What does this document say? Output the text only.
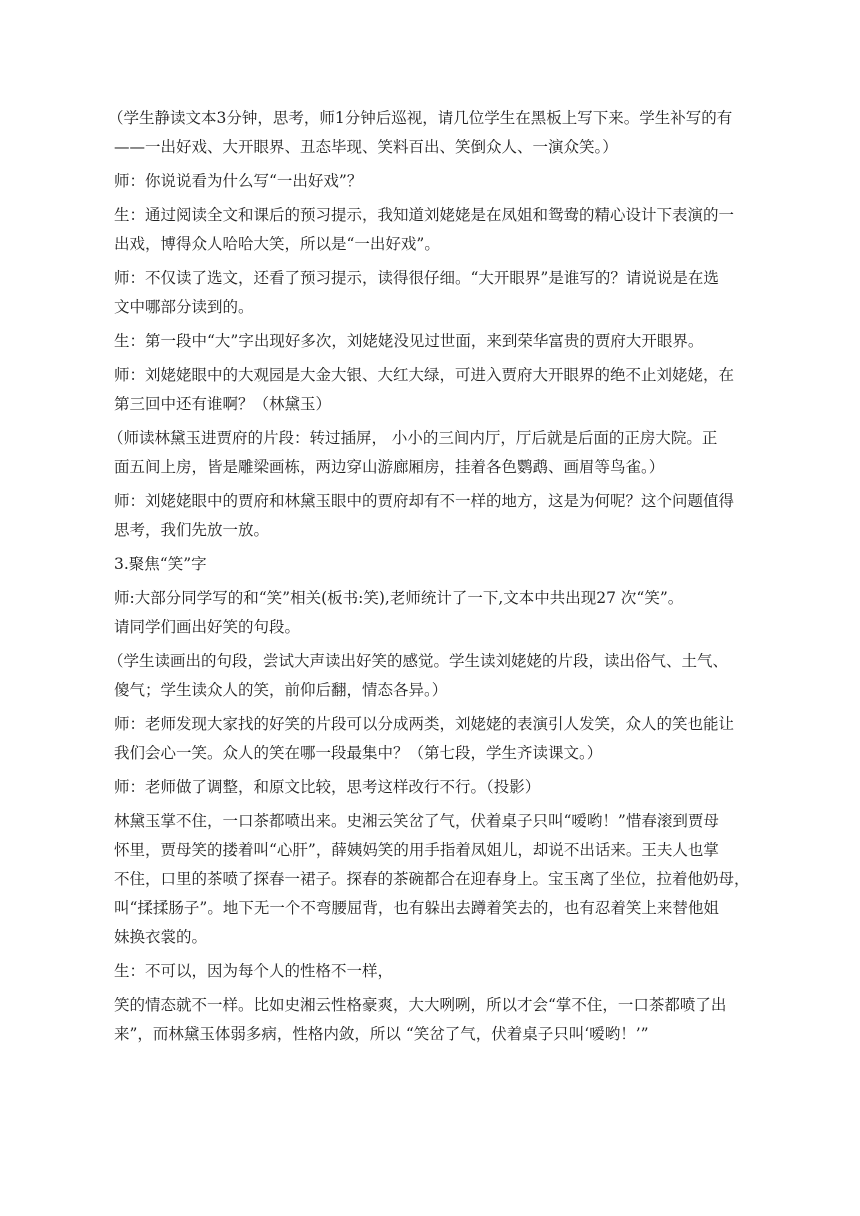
（学生静读文本3分钟，思考，师1分钟后巡视，请几位学生在黑板上写下来。学生补写的有
——一出好戏、大开眼界、丑态毕现、笑料百出、笑倒众人、一演众笑。）
师：你说说看为什么写“一出好戏”？
生：通过阅读全文和课后的预习提示，我知道刘姥姥是在凤姐和鸳鸯的精心设计下表演的一
出戏，博得众人哈哈大笑，所以是“一出好戏”。
师：不仅读了选文，还看了预习提示，读得很仔细。“大开眼界”是谁写的？请说说是在选
文中哪部分读到的。
生：第一段中“大”字出现好多次，刘姥姥没见过世面，来到荣华富贵的贾府大开眼界。
师：刘姥姥眼中的大观园是大金大银、大红大绿，可进入贾府大开眼界的绝不止刘姥姥，在
第三回中还有谁啊？（林黛玉）
（师读林黛玉进贾府的片段：转过插屏， 小小的三间内厅，厅后就是后面的正房大院。正
面五间上房，皆是雕梁画栋，两边穿山游廊厢房，挂着各色鹦鹉、画眉等鸟雀。）
师：刘姥姥眼中的贾府和林黛玉眼中的贾府却有不一样的地方，这是为何呢？这个问题值得
思考，我们先放一放。
3.聚焦“笑”字
师:大部分同学写的和“笑”相关(板书:笑),老师统计了一下,文本中共出现27 次“笑”。
请同学们画出好笑的句段。
（学生读画出的句段，尝试大声读出好笑的感觉。学生读刘姥姥的片段，读出俗气、土气、
傻气；学生读众人的笑，前仰后翻，情态各异。）
师：老师发现大家找的好笑的片段可以分成两类，刘姥姥的表演引人发笑，众人的笑也能让
我们会心一笑。众人的笑在哪一段最集中？（第七段，学生齐读课文。）
师：老师做了调整，和原文比较，思考这样改行不行。（投影）
林黛玉掌不住，一口茶都喷出来。史湘云笑岔了气，伏着桌子只叫“嗳哟！”惜春滚到贾母
怀里，贾母笑的搂着叫“心肝”，薛姨妈笑的用手指着凤姐儿，却说不出话来。王夫人也掌
不住，口里的茶喷了探春一裙子。探春的茶碗都合在迎春身上。宝玉离了坐位，拉着他奶母，
叫“揉揉肠子”。地下无一个不弯腰屈背，也有躲出去蹲着笑去的，也有忍着笑上来替他姐
妹换衣裳的。
生：不可以，因为每个人的性格不一样，
笑的情态就不一样。比如史湘云性格豪爽，大大咧咧，所以才会“掌不住，一口茶都喷了出
来”，而林黛玉体弱多病，性格内敛，所以 “笑岔了气，伏着桌子只叫‘嗳哟！’”
